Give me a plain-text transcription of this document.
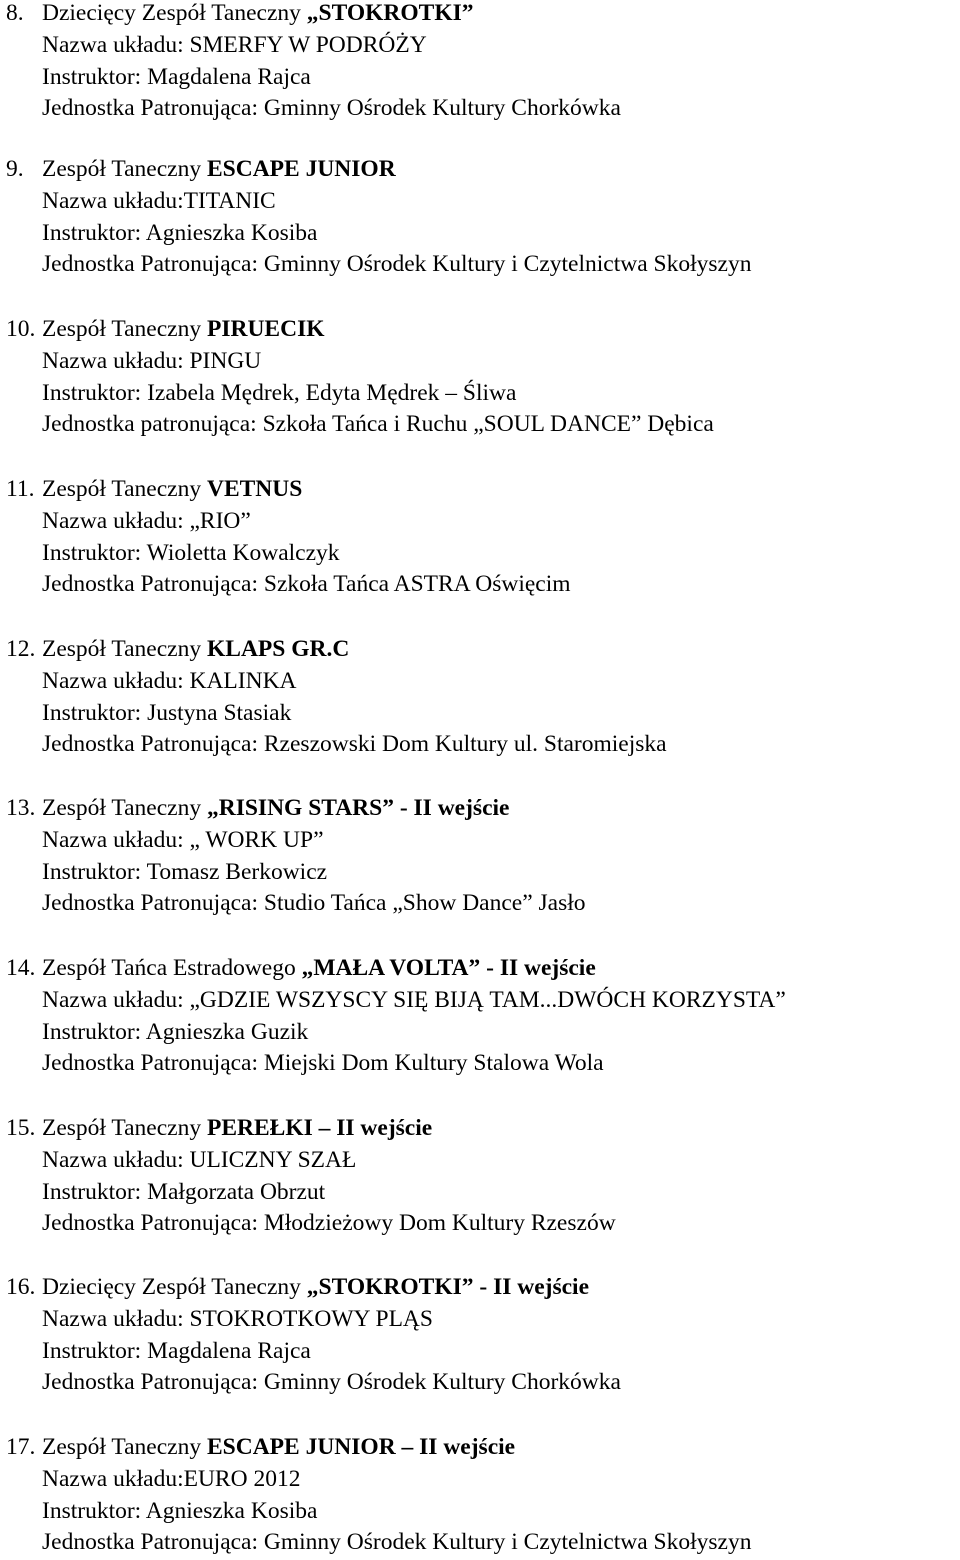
8. Dziecięcy Zespół Taneczny „STOKROTKI”
Nazwa układu: SMERFY W PODRÓŻY
Instruktor: Magdalena Rajca
Jednostka Patronująca: Gminny Ośrodek Kultury Chorkówka
9. Zespół Taneczny ESCAPE JUNIOR
Nazwa układu:TITANIC
Instruktor: Agnieszka Kosiba
Jednostka Patronująca: Gminny Ośrodek Kultury i Czytelnictwa Skołyszyn
10. Zespół Taneczny PIRUECIK
Nazwa układu: PINGU
Instruktor: Izabela Mędrek, Edyta Mędrek – Śliwa
Jednostka patronująca: Szkoła Tańca i Ruchu „SOUL DANCE” Dębica
11. Zespół Taneczny VETNUS
Nazwa układu: „RIO”
Instruktor: Wioletta Kowalczyk
Jednostka Patronująca: Szkoła Tańca ASTRA Oświęcim
12. Zespół Taneczny KLAPS GR.C
Nazwa układu: KALINKA
Instruktor: Justyna Stasiak
Jednostka Patronująca: Rzeszowski Dom Kultury ul. Staromiejska
13. Zespół Taneczny „RISING STARS” - II wejście
Nazwa układu: „ WORK UP”
Instruktor: Tomasz Berkowicz
Jednostka Patronująca: Studio Tańca „Show Dance” Jasło
14. Zespół Tańca Estradowego „MAŁA VOLTA” - II wejście
Nazwa układu: „GDZIE WSZYSCY SIĘ BIJĄ TAM...DWÓCH KORZYSTA”
Instruktor: Agnieszka Guzik
Jednostka Patronująca: Miejski Dom Kultury Stalowa Wola
15. Zespół Taneczny PEREŁKI – II wejście
Nazwa układu: ULICZNY SZAŁ
Instruktor: Małgorzata Obrzut
Jednostka Patronująca: Młodzieżowy Dom Kultury Rzeszów
16. Dziecięcy Zespół Taneczny „STOKROTKI” - II wejście
Nazwa układu: STOKROTKOWY PLĄS
Instruktor: Magdalena Rajca
Jednostka Patronująca: Gminny Ośrodek Kultury Chorkówka
17. Zespół Taneczny ESCAPE JUNIOR – II wejście
Nazwa układu:EURO 2012
Instruktor: Agnieszka Kosiba
Jednostka Patronująca: Gminny Ośrodek Kultury i Czytelnictwa Skołyszyn
